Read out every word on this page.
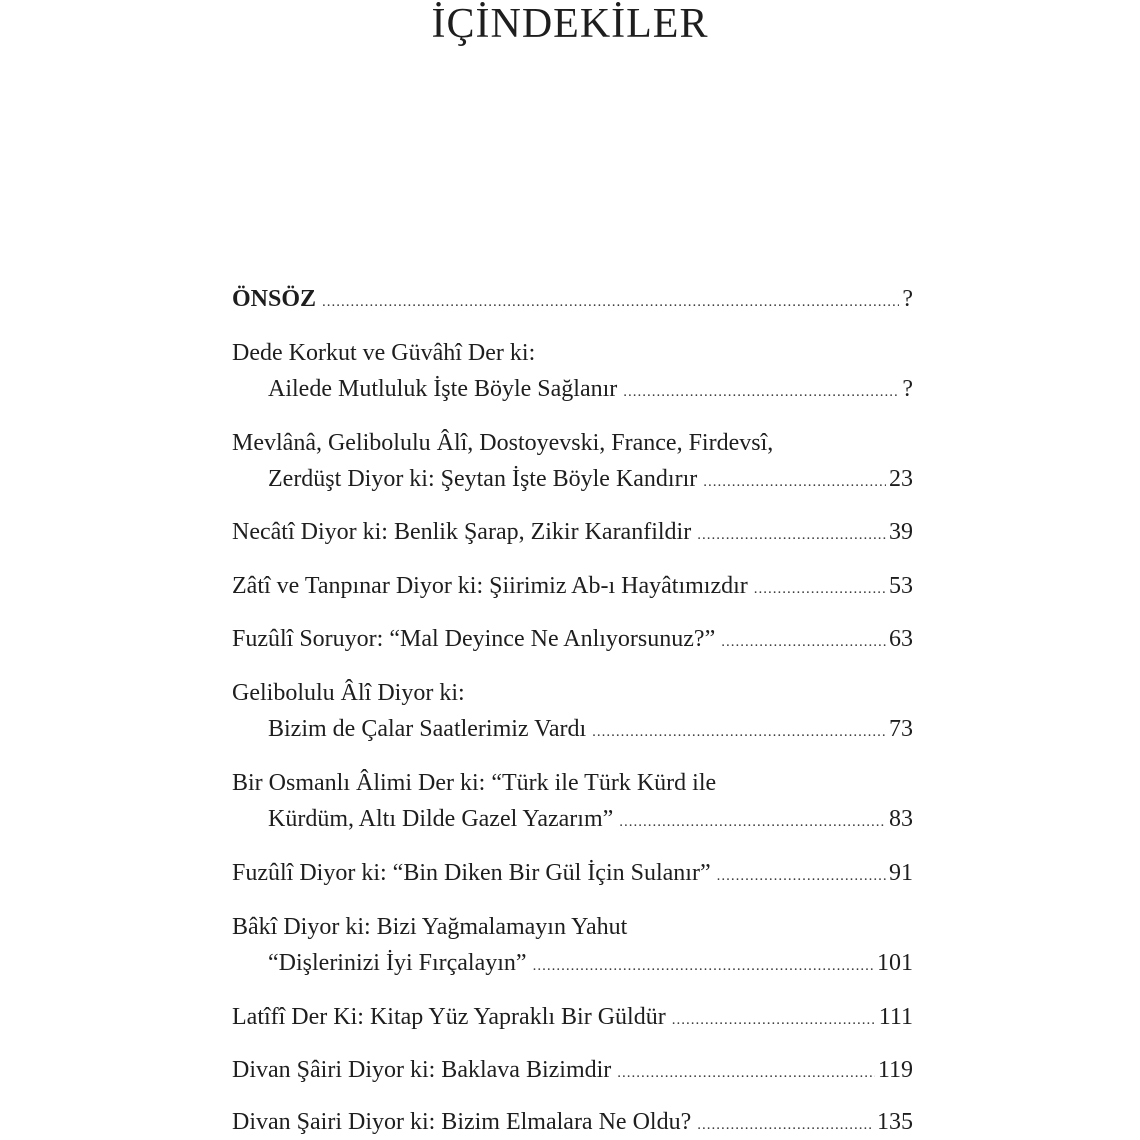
İÇİNDEKİLER
ÖNSÖZ .....	?
Dede Korkut ve Güvâhî Der ki:
Ailede Mutluluk İşte Böyle Sağlanır .....	?
Mevlânâ, Gelibolulu Âlî, Dostoyevski, France, Firdevsî,
Zerdüşt Diyor ki: Şeytan İşte Böyle Kandırır .....	23
Necâtî Diyor ki: Benlik Şarap, Zikir Karanfildir .....	39
Zâtî ve Tanpınar Diyor ki: Şiirimiz Ab-ı Hayâtımızdır .....	53
Fuzûlî Soruyor: “Mal Deyince Ne Anlıyorsunuz?” .....	63
Gelibolulu Âlî Diyor ki:
Bizim de Çalar Saatlerimiz Vardı .....	73
Bir Osmanlı Âlimi Der ki: “Türk ile Türk Kürd ile
Kürdüm, Altı Dilde Gazel Yazarım” .....	83
Fuzûlî Diyor ki: “Bin Diken Bir Gül İçin Sulanır” .....	91
Bâkî Diyor ki: Bizi Yağmalamayın Yahut
“Dişlerinizi İyi Fırçalayın” .....	101
Latîfî Der Ki: Kitap Yüz Yapraklı Bir Güldür .....	111
Divan Şâiri Diyor ki: Baklava Bizimdir .....	119
Divan Şairi Diyor ki: Bizim Elmalara Ne Oldu? .....	135
